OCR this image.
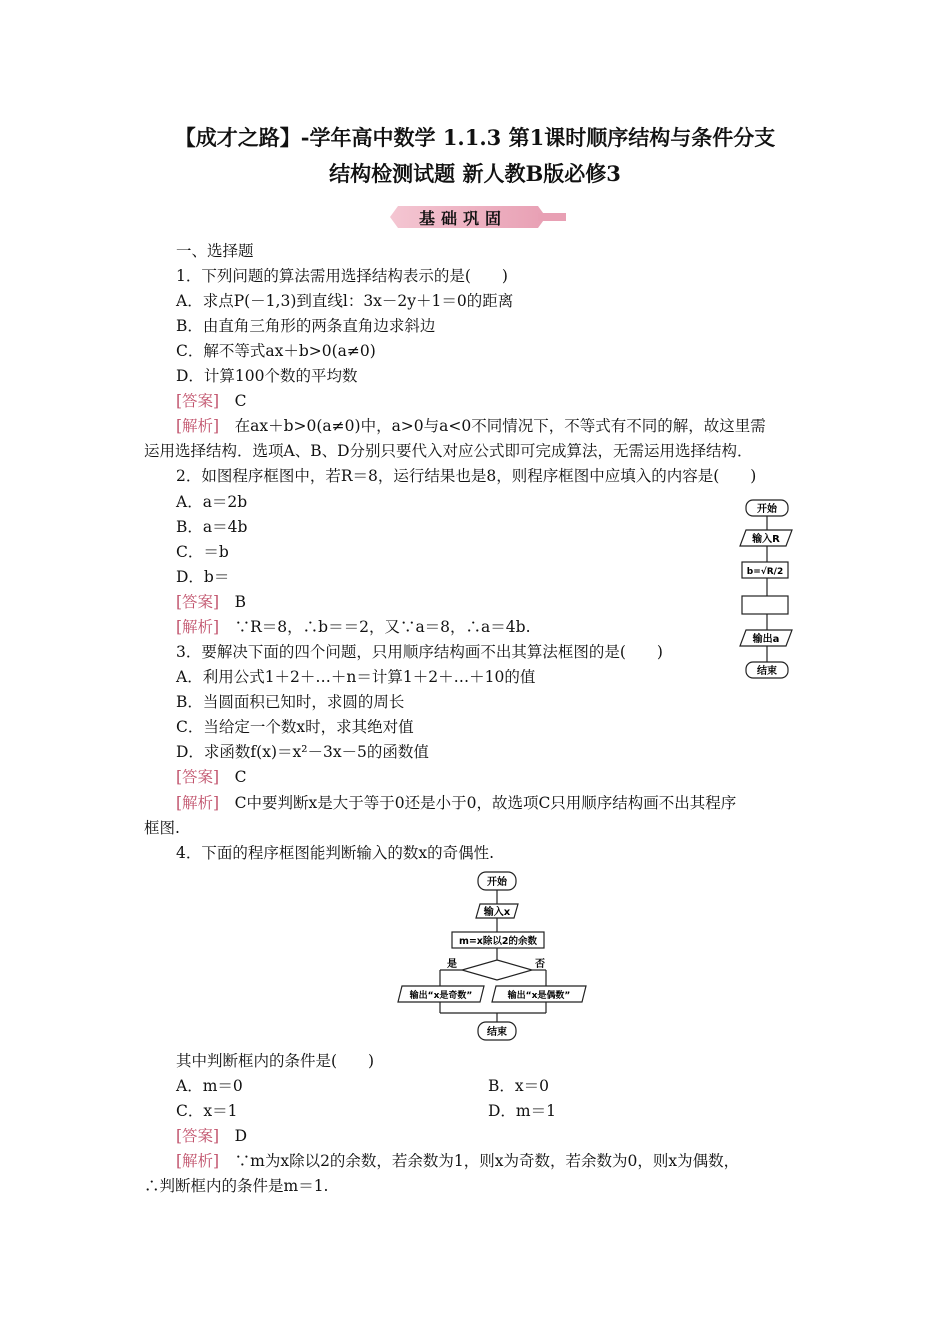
【成才之路】-学年高中数学 1.1.3 第1课时顺序结构与条件分支
结构检测试题 新人教B版必修3
基础巩固
一、选择题
1．下列问题的算法需用选择结构表示的是(　　)
A．求点P(－1,3)到直线l：3x－2y＋1＝0的距离
B．由直角三角形的两条直角边求斜边
C．解不等式ax＋b>0(a≠0)
D．计算100个数的平均数
[答案]　 C
[解析]　 在ax＋b>0(a≠0)中，a>0与a<0不同情况下，不等式有不同的解，故这里需
运用选择结构．选项A、B、D分别只要代入对应公式即可完成算法，无需运用选择结构．
2．如图程序框图中，若R＝8，运行结果也是8，则程序框图中应填入的内容是(　　)
A．a＝2b
B．a＝4b
C．＝b
D．b＝
[答案]　 B
[解析]　 ∵R＝8，∴b＝＝2，又∵a＝8，∴a＝4b.
开始
输入R
b=√R/2
输出a
结束
3．要解决下面的四个问题，只用顺序结构画不出其算法框图的是(　　)
A．利用公式1＋2＋…＋n＝计算1＋2＋…＋10的值
B．当圆面积已知时，求圆的周长
C．当给定一个数x时，求其绝对值
D．求函数f(x)＝x²－3x－5的函数值
[答案]　 C
[解析]　 C中要判断x是大于等于0还是小于0，故选项C只用顺序结构画不出其程序
框图.
4．下面的程序框图能判断输入的数x的奇偶性.
开始
输入x
m=x除以2的余数
是	否
输出“x是奇数”	输出“x是偶数”
结束
其中判断框内的条件是(　　)
A．m＝0	B．x＝0
C．x＝1	D．m＝1
[答案]　 D
[解析]　 ∵m为x除以2的余数，若余数为1，则x为奇数，若余数为0，则x为偶数，
∴判断框内的条件是m＝1.
